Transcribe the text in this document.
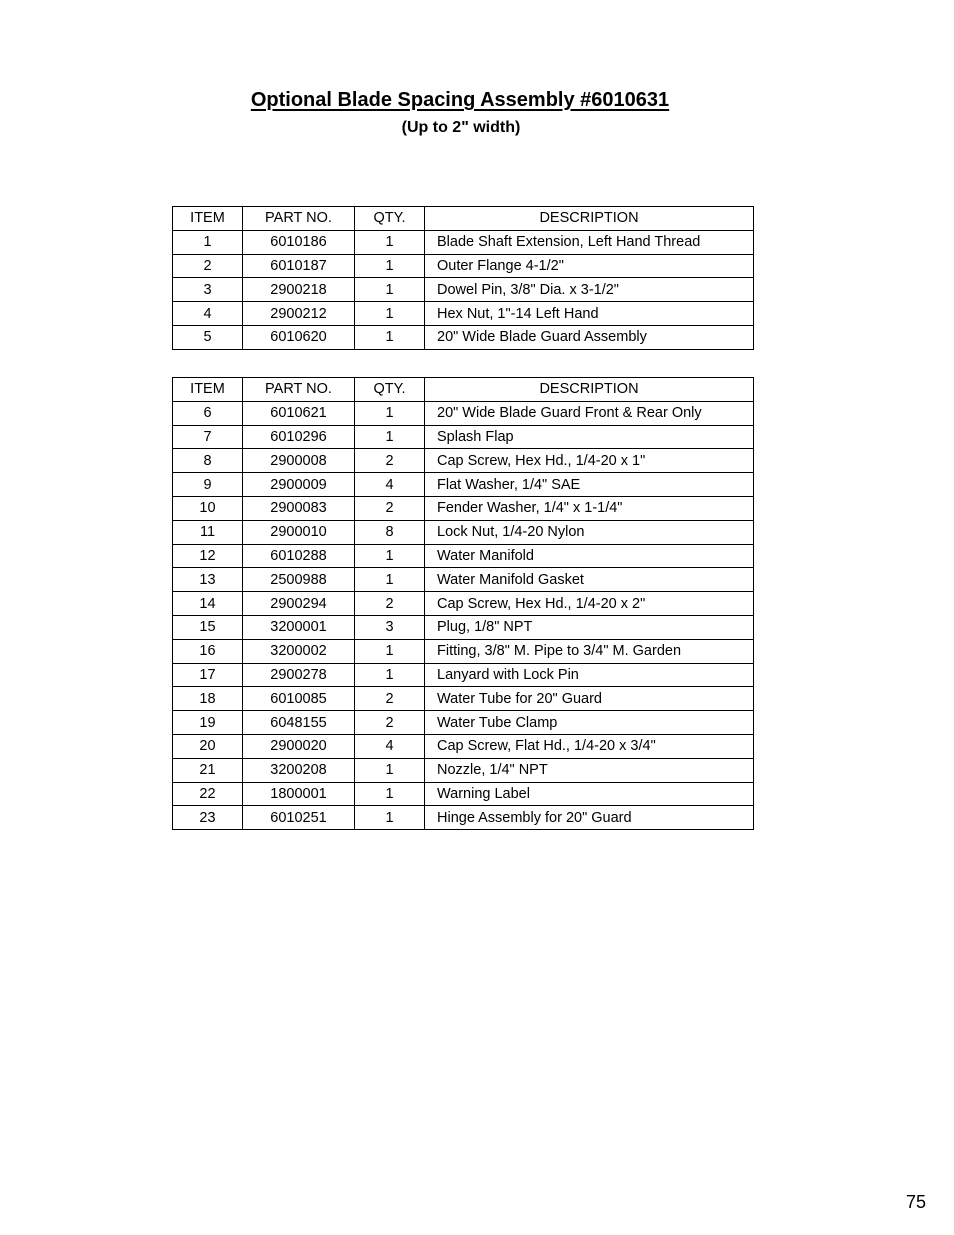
Optional Blade Spacing Assembly #6010631
(Up to 2" width)
ITEM	PART NO.	QTY.	DESCRIPTION
1	6010186	1	Blade Shaft Extension, Left Hand Thread
2	6010187	1	Outer Flange 4-1/2"
3	2900218	1	Dowel Pin, 3/8" Dia. x 3-1/2"
4	2900212	1	Hex Nut, 1"-14 Left Hand
5	6010620	1	20" Wide Blade Guard Assembly
ITEM	PART NO.	QTY.	DESCRIPTION
6	6010621	1	20" Wide Blade Guard Front & Rear Only
7	6010296	1	Splash Flap
8	2900008	2	Cap Screw, Hex Hd., 1/4-20 x 1"
9	2900009	4	Flat Washer, 1/4" SAE
10	2900083	2	Fender Washer, 1/4" x 1-1/4"
11	2900010	8	Lock Nut, 1/4-20 Nylon
12	6010288	1	Water Manifold
13	2500988	1	Water Manifold Gasket
14	2900294	2	Cap Screw, Hex Hd., 1/4-20 x 2"
15	3200001	3	Plug, 1/8" NPT
16	3200002	1	Fitting, 3/8" M. Pipe to 3/4" M. Garden
17	2900278	1	Lanyard with Lock Pin
18	6010085	2	Water Tube for 20" Guard
19	6048155	2	Water Tube Clamp
20	2900020	4	Cap Screw, Flat Hd., 1/4-20 x 3/4"
21	3200208	1	Nozzle, 1/4" NPT
22	1800001	1	Warning Label
23	6010251	1	Hinge Assembly for 20" Guard
75
